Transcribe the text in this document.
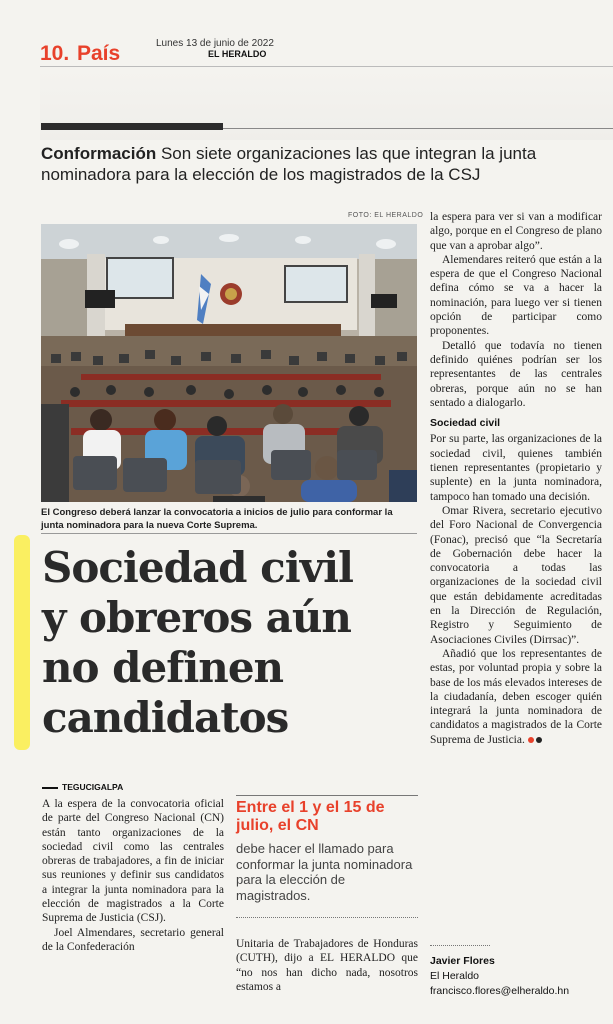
10. País	Lunes 13 de junio de 2022
EL HERALDO
Conformación Son siete organizaciones las que integran la junta nominadora para la elección de los magistrados de la CSJ
FOTO: EL HERALDO
El Congreso deberá lanzar la convocatoria a inicios de julio para conformar la junta nominadora para la nueva Corte Suprema.
Sociedad civil
y obreros aún
no definen
candidatos
TEGUCIGALPA

A la espera de la convocatoria oficial de parte del Congreso Nacional (CN) están tanto organizaciones de la sociedad civil como las centrales obreras de trabajadores, a fin de iniciar sus reuniones y definir sus candidatos a integrar la junta nominadora para la elección de magistrados a la Corte Suprema de Justicia (CSJ).

Joel Almendares, secretario general de la Confederación

Entre el 1 y el 15 de julio, el CN
debe hacer el llamado para conformar la junta nominadora para la elección de magistrados.

Unitaria de Trabajadores de Honduras (CUTH), dijo a EL HERALDO que “no nos han dicho nada, nosotros estamos a

la espera para ver si van a modificar algo, porque en el Congreso de plano que van a aprobar algo”.

Alemendares reiteró que están a la espera de que el Congreso Nacional defina cómo se va a hacer la nominación, para luego ver si tienen opción de participar como proponentes.

Detalló que todavía no tienen definido quiénes podrían ser los representantes de las centrales obreras, porque aún no se han sentado a dialogarlo.

Sociedad civil

Por su parte, las organizaciones de la sociedad civil, quienes también tienen representantes (propietario y suplente) en la junta nominadora, tampoco han tomado una decisión.

Omar Rivera, secretario ejecutivo del Foro Nacional de Convergencia (Fonac), precisó que “la Secretaría de Gobernación debe hacer la convocatoria a todas las organizaciones de la sociedad civil que están debidamente acreditadas en la Dirección de Regulación, Registro y Seguimiento de Asociaciones Civiles (Dirrsac)”.

Añadió que los representantes de estas, por voluntad propia y sobre la base de los más elevados intereses de la ciudadanía, deben escoger quién integrará la junta nominadora de candidatos a magistrados de la Corte Suprema de Justicia.

Javier Flores
El Heraldo
francisco.flores@elheraldo.hn
